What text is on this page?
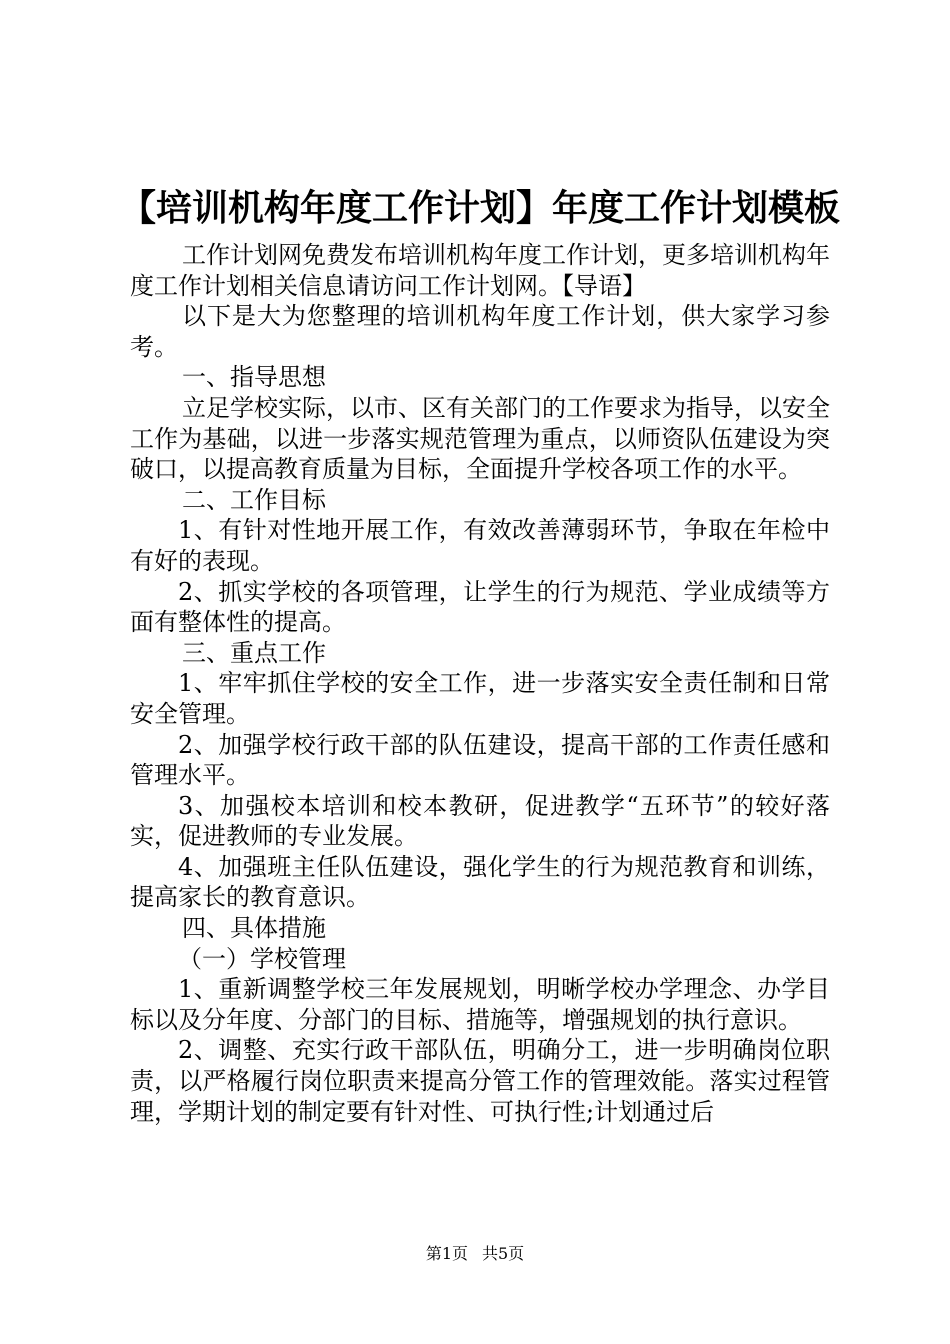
【培训机构年度工作计划】年度工作计划模板

工作计划网免费发布培训机构年度工作计划，更多培训机构年度工作计划相关信息请访问工作计划网。【导语】

以下是大为您整理的培训机构年度工作计划，供大家学习参考。

一、指导思想

立足学校实际，以市、区有关部门的工作要求为指导，以安全工作为基础，以进一步落实规范管理为重点，以师资队伍建设为突破口，以提高教育质量为目标，全面提升学校各项工作的水平。

二、工作目标

1、有针对性地开展工作，有效改善薄弱环节，争取在年检中有好的表现。

2、抓实学校的各项管理，让学生的行为规范、学业成绩等方面有整体性的提高。

三、重点工作

1、牢牢抓住学校的安全工作，进一步落实安全责任制和日常安全管理。

2、加强学校行政干部的队伍建设，提高干部的工作责任感和管理水平。

3、加强校本培训和校本教研，促进教学“五环节”的较好落实，促进教师的专业发展。

4、加强班主任队伍建设，强化学生的行为规范教育和训练，提高家长的教育意识。

四、具体措施

（一）学校管理

1、重新调整学校三年发展规划，明晰学校办学理念、办学目标以及分年度、分部门的目标、措施等，增强规划的执行意识。

2、调整、充实行政干部队伍，明确分工，进一步明确岗位职责，以严格履行岗位职责来提高分管工作的管理效能。落实过程管理，学期计划的制定要有针对性、可执行性;计划通过后

第1页 共5页
